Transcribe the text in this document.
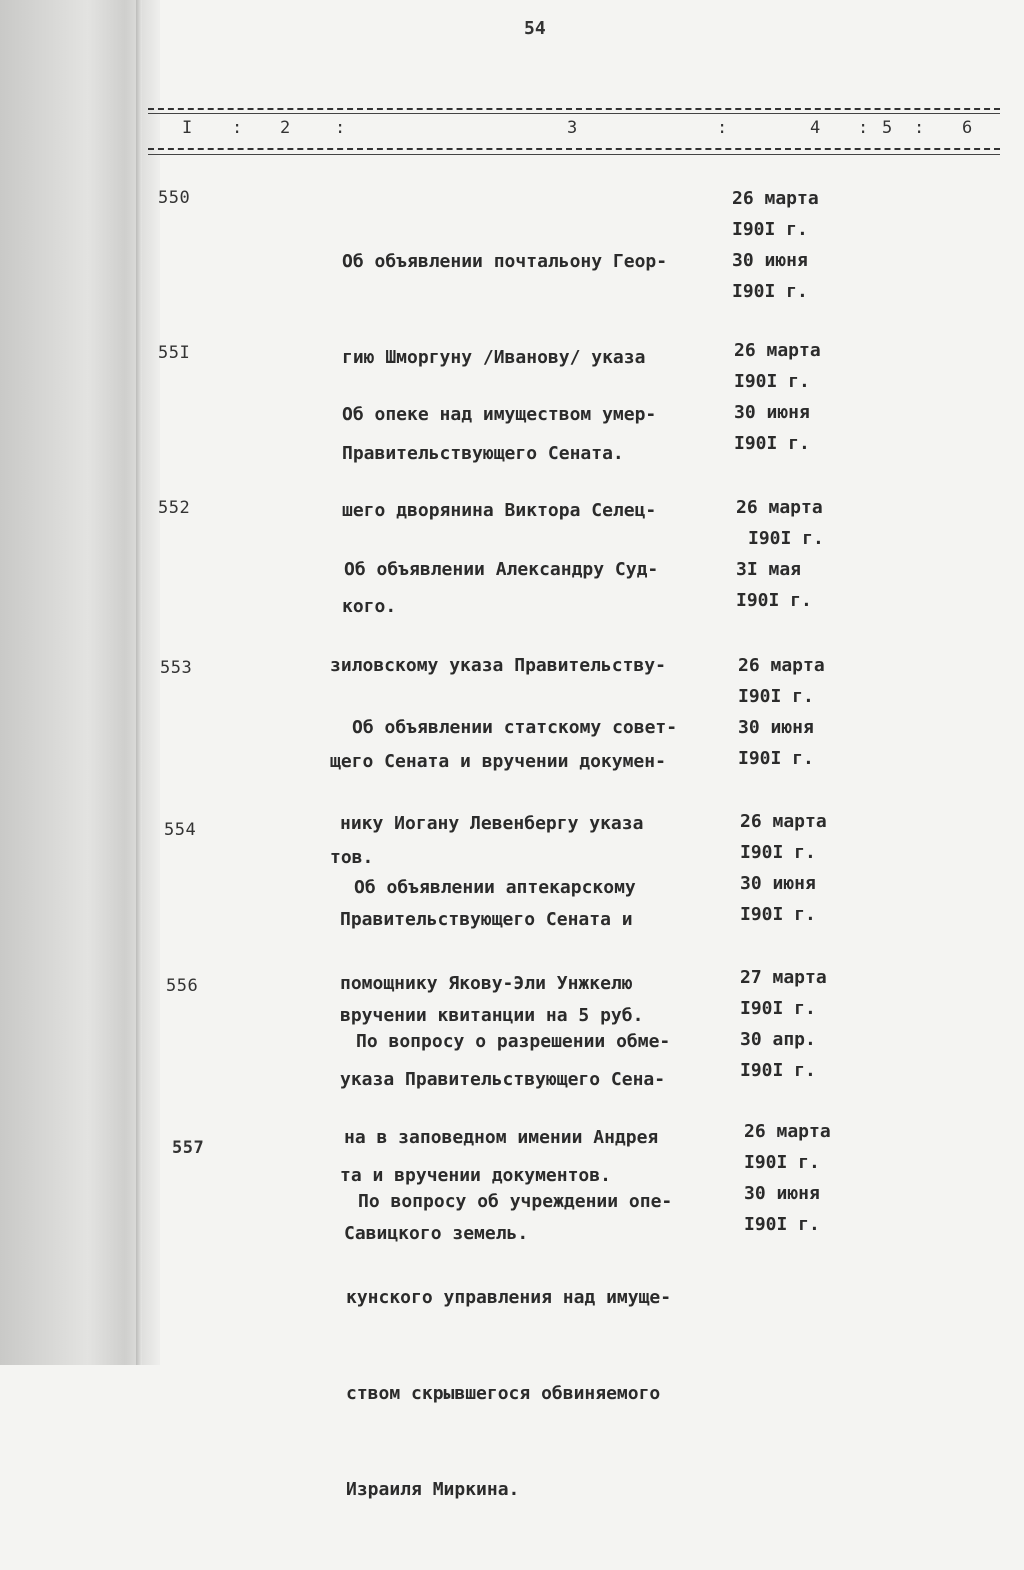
54
I : 2	:	3	:	4 : 5 : 6
550

Об объявлении почтальону Геор-

гию Шморгуну /Иванову/ указа

Правительствующего Сената.

26 марта
I90I г.
30 июня
I90I г.
55I

Об опеке над имуществом умер-

шего дворянина Виктора Селец-

кого.

26 марта
I90I г.
30 июня
I90I г.
552

Об объявлении Александру Суд-

зиловскому указа Правительству-

щего Сената и вручении докумен-

тов.

26 марта
I90I г.
3I мая
I90I г.
553

Об объявлении статскому совет-

нику Иогану Левенбергу указа

Правительствующего Сената и

вручении квитанции на 5 руб.

26 марта
I90I г.
30 июня
I90I г.
554

Об объявлении аптекарскому

помощнику Якову-Эли Унжкелю

указа Правительствующего Сена-

та и вручении документов.

26 марта
I90I г.
30 июня
I90I г.
556

По вопросу о разрешении обме-

на в заповедном имении Андрея

Савицкого земель.

27 марта
I90I г.
30 апр.
I90I г.
557

По вопросу об учреждении опе-

кунского управления над имуще-

ством скрывшегося обвиняемого

Израиля Миркина.

26 марта
I90I г.
30 июня
I90I г.
